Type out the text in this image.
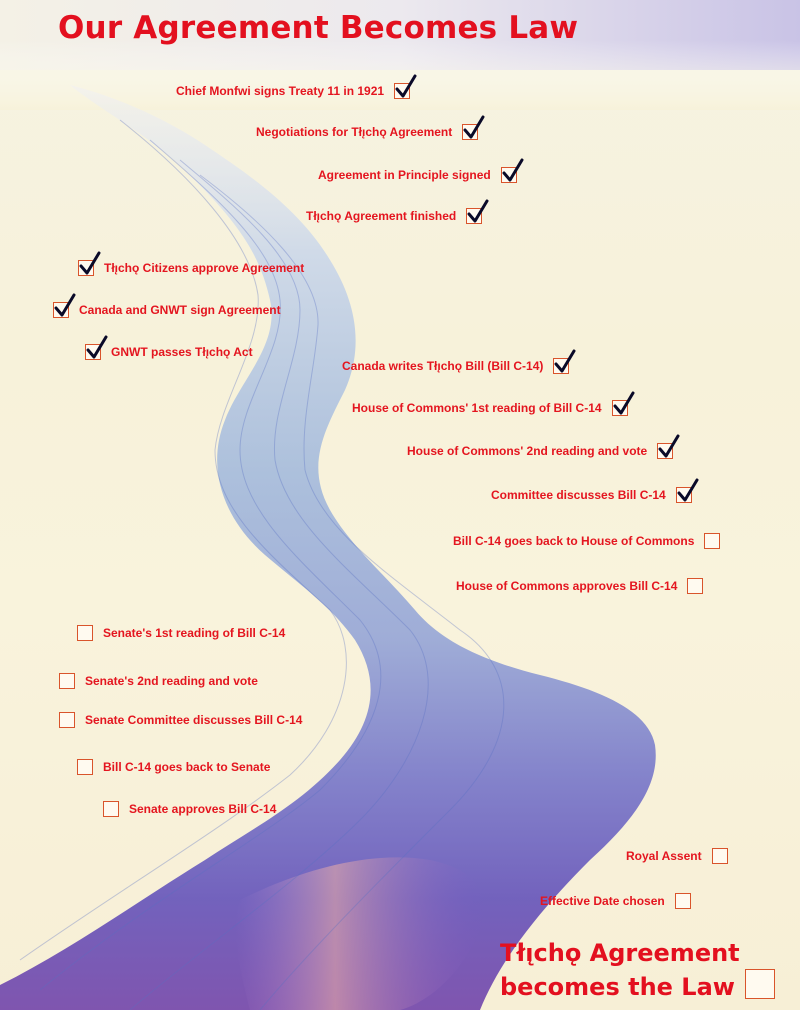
Our Agreement Becomes Law
Chief Monfwi signs Treaty 11 in 1921
Negotiations for Tłı̨chǫ Agreement
Agreement in Principle signed
Tłı̨chǫ Agreement finished
Tłı̨chǫ Citizens approve Agreement
Canada and GNWT sign Agreement
GNWT passes Tłı̨chǫ Act
Canada writes Tłı̨chǫ Bill (Bill C-14)
House of Commons' 1st reading of Bill C-14
House of Commons' 2nd reading and vote
Committee discusses Bill C-14
Bill C-14 goes back to House of Commons
House of Commons approves Bill C-14
Senate's 1st reading of Bill C-14
Senate's 2nd reading and vote
Senate Committee discusses Bill C-14
Bill C-14 goes back to Senate
Senate approves Bill C-14
Royal Assent
Effective Date chosen
Tłı̨chǫ Agreement
becomes the Law
